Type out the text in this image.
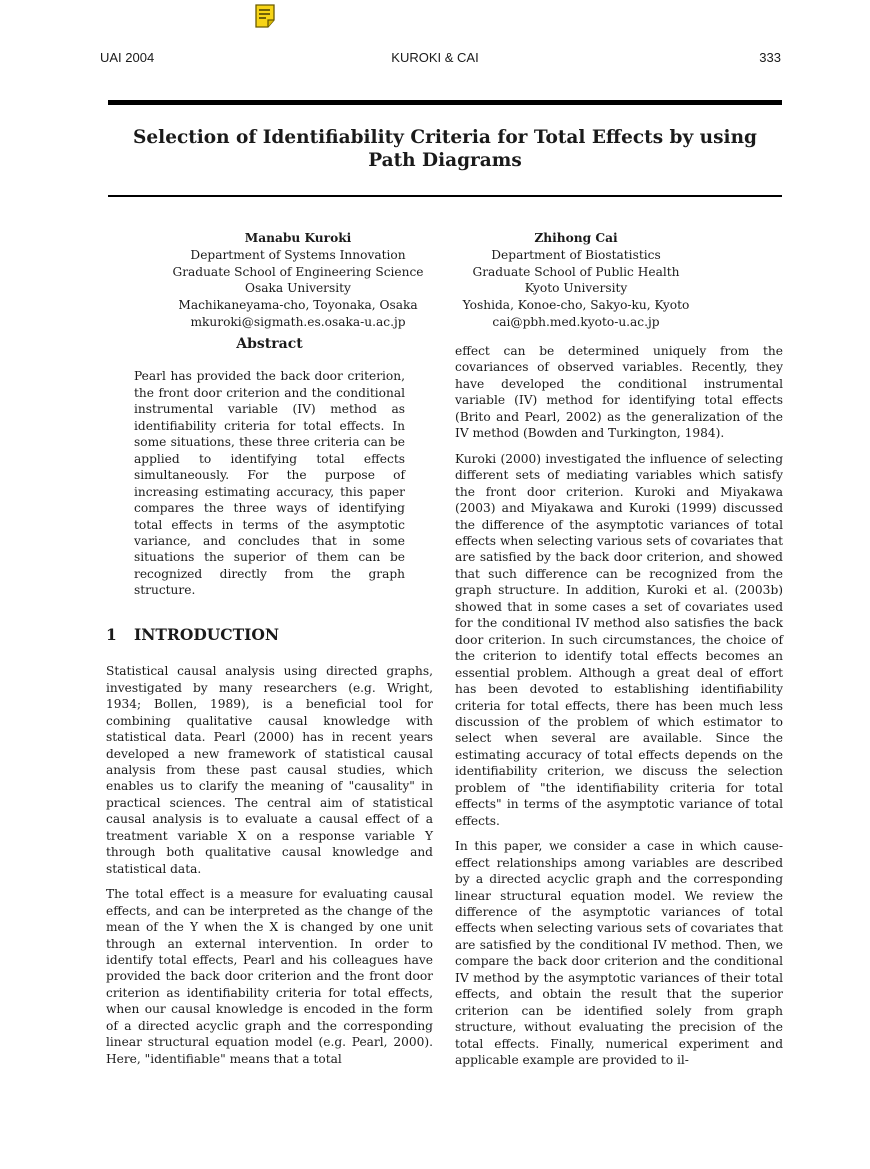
UAI 2004	KUROKI & CAI	333
Selection of Identifiability Criteria for Total Effects by using Path Diagrams
Manabu Kuroki
Department of Systems Innovation
Graduate School of Engineering Science
Osaka University
Machikaneyama-cho, Toyonaka, Osaka
mkuroki@sigmath.es.osaka-u.ac.jp
Zhihong Cai
Department of Biostatistics
Graduate School of Public Health
Kyoto University
Yoshida, Konoe-cho, Sakyo-ku, Kyoto
cai@pbh.med.kyoto-u.ac.jp
Abstract

Pearl has provided the back door criterion, the front door criterion and the conditional instrumental variable (IV) method as identifiability criteria for total effects. In some situations, these three criteria can be applied to identifying total effects simultaneously. For the purpose of increasing estimating accuracy, this paper compares the three ways of identifying total effects in terms of the asymptotic variance, and concludes that in some situations the superior of them can be recognized directly from the graph structure.

1 INTRODUCTION

Statistical causal analysis using directed graphs, investigated by many researchers (e.g. Wright, 1934; Bollen, 1989), is a beneficial tool for combining qualitative causal knowledge with statistical data. Pearl (2000) has in recent years developed a new framework of statistical causal analysis from these past causal studies, which enables us to clarify the meaning of "causality" in practical sciences. The central aim of statistical causal analysis is to evaluate a causal effect of a treatment variable X on a response variable Y through both qualitative causal knowledge and statistical data.

The total effect is a measure for evaluating causal effects, and can be interpreted as the change of the mean of the Y when the X is changed by one unit through an external intervention. In order to identify total effects, Pearl and his colleagues have provided the back door criterion and the front door criterion as identifiability criteria for total effects, when our causal knowledge is encoded in the form of a directed acyclic graph and the corresponding linear structural equation model (e.g. Pearl, 2000). Here, "identifiable" means that a total

effect can be determined uniquely from the covariances of observed variables. Recently, they have developed the conditional instrumental variable (IV) method for identifying total effects (Brito and Pearl, 2002) as the generalization of the IV method (Bowden and Turkington, 1984).

Kuroki (2000) investigated the influence of selecting different sets of mediating variables which satisfy the front door criterion. Kuroki and Miyakawa (2003) and Miyakawa and Kuroki (1999) discussed the difference of the asymptotic variances of total effects when selecting various sets of covariates that are satisfied by the back door criterion, and showed that such difference can be recognized from the graph structure. In addition, Kuroki et al. (2003b) showed that in some cases a set of covariates used for the conditional IV method also satisfies the back door criterion. In such circumstances, the choice of the criterion to identify total effects becomes an essential problem. Although a great deal of effort has been devoted to establishing identifiability criteria for total effects, there has been much less discussion of the problem of which estimator to select when several are available. Since the estimating accuracy of total effects depends on the identifiability criterion, we discuss the selection problem of "the identifiability criteria for total effects" in terms of the asymptotic variance of total effects.

In this paper, we consider a case in which cause-effect relationships among variables are described by a directed acyclic graph and the corresponding linear structural equation model. We review the difference of the asymptotic variances of total effects when selecting various sets of covariates that are satisfied by the conditional IV method. Then, we compare the back door criterion and the conditional IV method by the asymptotic variances of their total effects, and obtain the result that the superior criterion can be identified solely from graph structure, without evaluating the precision of the total effects. Finally, numerical experiment and applicable example are provided to il-
